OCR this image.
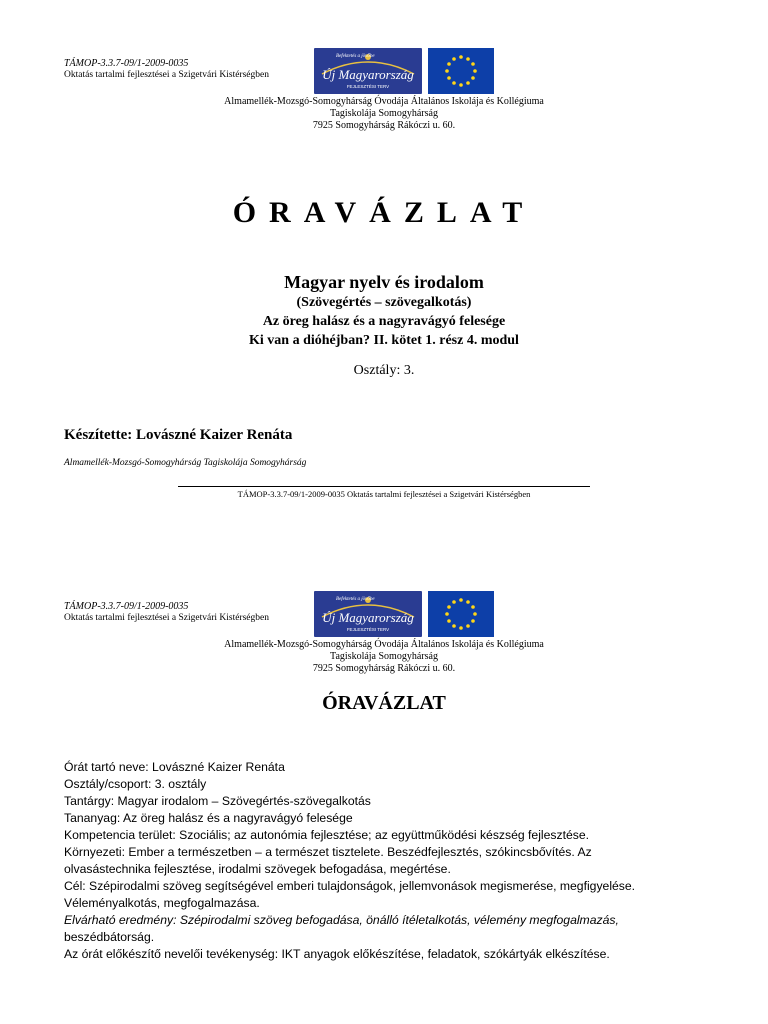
TÁMOP-3.3.7-09/1-2009-0035
Oktatás tartalmi fejlesztései a Szigetvári Kistérségben
Befektetés a jövőbe
Új Magyarország
FEJLESZTÉSI TERV
Almamellék-Mozsgó-Somogyhárság Óvodája Általános Iskolája és Kollégiuma
Tagiskolája Somogyhárság
7925 Somogyhárság Rákóczi u. 60.
ÓRAVÁZLAT
Magyar nyelv és irodalom
(Szövegértés – szövegalkotás)
Az öreg halász és a nagyravágyó felesége
Ki van a dióhéjban? II. kötet 1. rész 4. modul
Osztály: 3.
Készítette: Lovászné Kaizer Renáta
Almamellék-Mozsgó-Somogyhárság Tagiskolája Somogyhárság
TÁMOP-3.3.7-09/1-2009-0035 Oktatás tartalmi fejlesztései a Szigetvári Kistérségben
TÁMOP-3.3.7-09/1-2009-0035
Oktatás tartalmi fejlesztései a Szigetvári Kistérségben
Befektetés a jövőbe
Új Magyarország
FEJLESZTÉSI TERV
Almamellék-Mozsgó-Somogyhárság Óvodája Általános Iskolája és Kollégiuma
Tagiskolája Somogyhárság
7925 Somogyhárság Rákóczi u. 60.
ÓRAVÁZLAT
Órát tartó neve: Lovászné Kaizer Renáta
Osztály/csoport: 3. osztály
Tantárgy: Magyar irodalom – Szövegértés-szövegalkotás
Tananyag: Az öreg halász és a nagyravágyó felesége
Kompetencia terület: Szociális; az autonómia fejlesztése; az együttműködési készség fejlesztése.
Környezeti: Ember a természetben – a természet tisztelete. Beszédfejlesztés, szókincsbővítés. Az
olvasástechnika fejlesztése, irodalmi szövegek befogadása, megértése.
Cél: Szépirodalmi szöveg segítségével emberi tulajdonságok, jellemvonások megismerése, megfigyelése.
Véleményalkotás, megfogalmazása.
Elvárható eredmény: Szépirodalmi szöveg befogadása, önálló ítéletalkotás, vélemény megfogalmazás,
beszédbátorság.
Az órát előkészítő nevelői tevékenység: IKT anyagok előkészítése, feladatok, szókártyák elkészítése.
